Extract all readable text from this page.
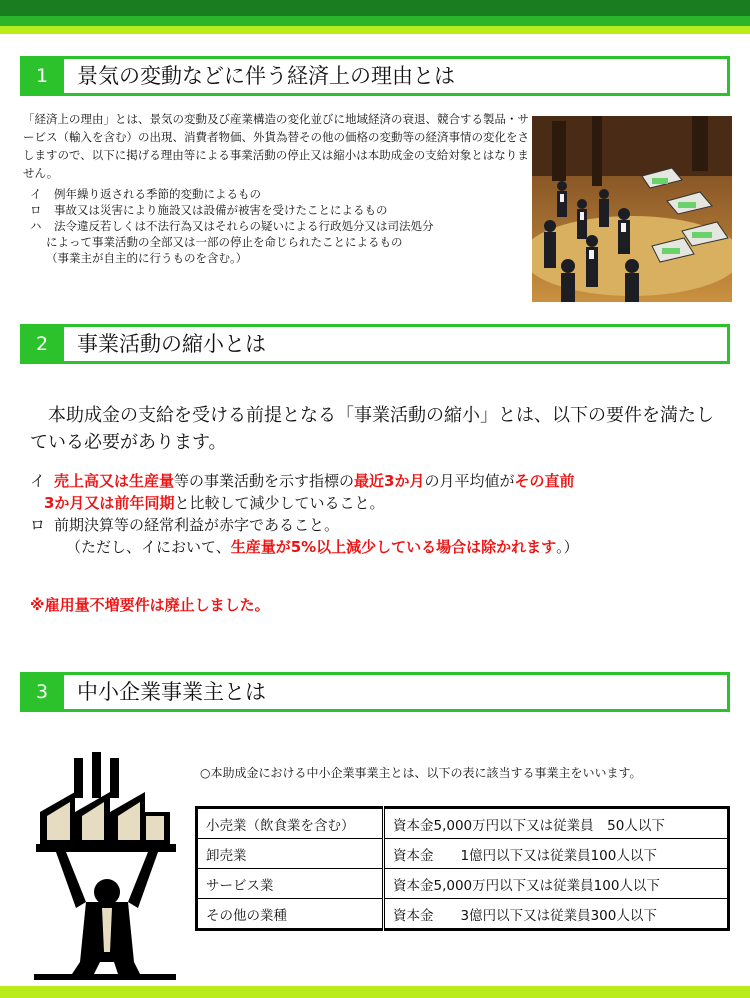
1	景気の変動などに伴う経済上の理由とは

「経済上の理由」とは、景気の変動及び産業構造の変化並びに地域経済の衰退、競合する製品・サービス（輸入を含む）の出現、消費者物価、外貨為替その他の価格の変動等の経済事情の変化をさしますので、以下に掲げる理由等による事業活動の停止又は縮小は本助成金の支給対象とはなりません。

イ 例年繰り返される季節的変動によるもの
ロ 事故又は災害により施設又は設備が被害を受けたことによるもの
ハ 法令違反若しくは不法行為又はそれらの疑いによる行政処分又は司法処分
によって事業活動の全部又は一部の停止を命じられたことによるもの
（事業主が自主的に行うものを含む。）
2	事業活動の縮小とは

本助成金の支給を受ける前提となる「事業活動の縮小」とは、以下の要件を満たしている必要があります。

イ 売上高又は生産量等の事業活動を示す指標の最近3か月の月平均値がその直前
3か月又は前年同期と比較して減少していること。
ロ 前期決算等の経常利益が赤字であること。
（ただし、イにおいて、生産量が5%以上減少している場合は除かれます。）

※雇用量不増要件は廃止しました。

3	中小企業事業主とは

○本助成金における中小企業事業主とは、以下の表に該当する事業主をいいます。

小売業（飲食業を含む）	資本金5,000万円以下又は従業員　50人以下
卸売業	資本金　　1億円以下又は従業員100人以下
サービス業	資本金5,000万円以下又は従業員100人以下
その他の業種	資本金　　3億円以下又は従業員300人以下
